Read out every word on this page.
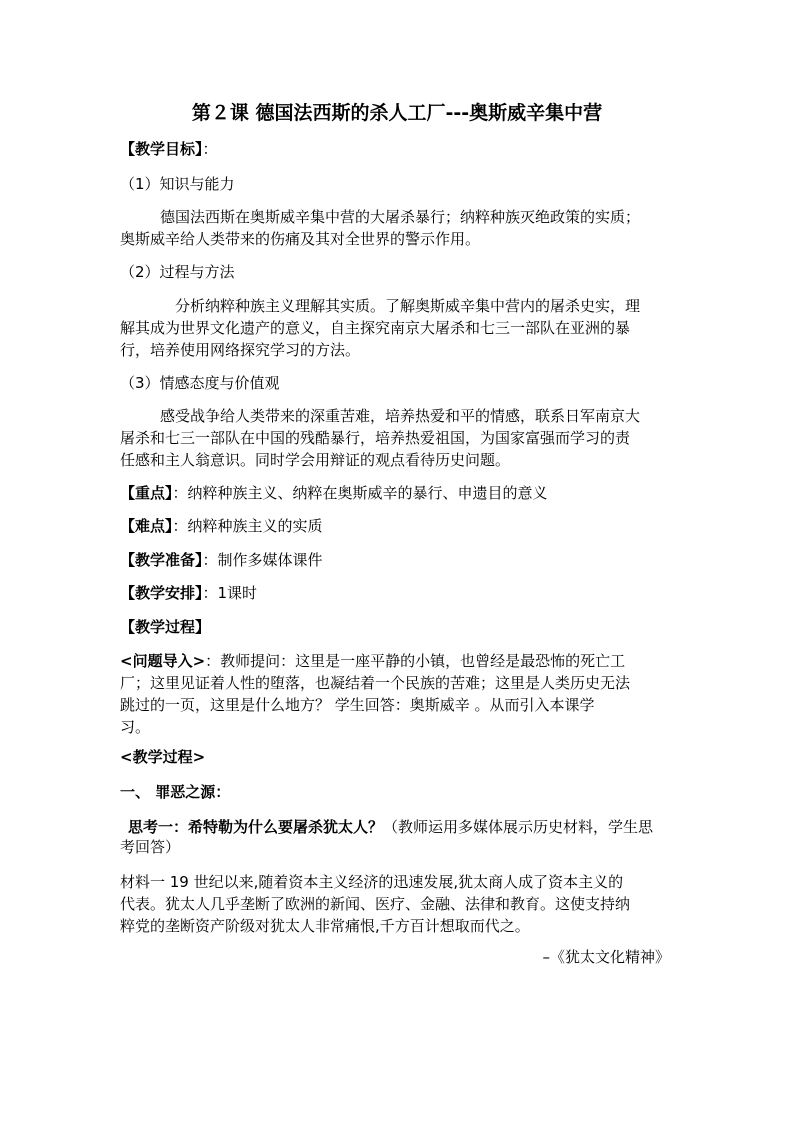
第２课 德国法西斯的杀人工厂---奥斯威辛集中营
【教学目标】：
（1）知识与能力
德国法西斯在奥斯威辛集中营的大屠杀暴行；纳粹种族灭绝政策的实质；
奥斯威辛给人类带来的伤痛及其对全世界的警示作用。
（2）过程与方法
分析纳粹种族主义理解其实质。了解奥斯威辛集中营内的屠杀史实，理
解其成为世界文化遗产的意义，自主探究南京大屠杀和七三一部队在亚洲的暴
行，培养使用网络探究学习的方法。
（3）情感态度与价值观
感受战争给人类带来的深重苦难，培养热爱和平的情感，联系日军南京大
屠杀和七三一部队在中国的残酷暴行，培养热爱祖国，为国家富强而学习的责
任感和主人翁意识。同时学会用辩证的观点看待历史问题。
【重点】：纳粹种族主义、纳粹在奥斯威辛的暴行、申遗目的意义
【难点】：纳粹种族主义的实质
【教学准备】：制作多媒体课件
【教学安排】：1课时
【教学过程】
<问题导入>：教师提问：这里是一座平静的小镇，也曾经是最恐怖的死亡工
厂；这里见证着人性的堕落，也凝结着一个民族的苦难；这里是人类历史无法
跳过的一页，这里是什么地方？ 学生回答：奥斯威辛 。从而引入本课学
习。
<教学过程>
一、 罪恶之源：
思考一：希特勒为什么要屠杀犹太人？（教师运用多媒体展示历史材料，学生思
考回答）
材料一 19 世纪以来,随着资本主义经济的迅速发展,犹太商人成了资本主义的
代表。犹太人几乎垄断了欧洲的新闻、医疗、金融、法律和教育。这使支持纳
粹党的垄断资产阶级对犹太人非常痛恨,千方百计想取而代之。
–《犹太文化精神》
